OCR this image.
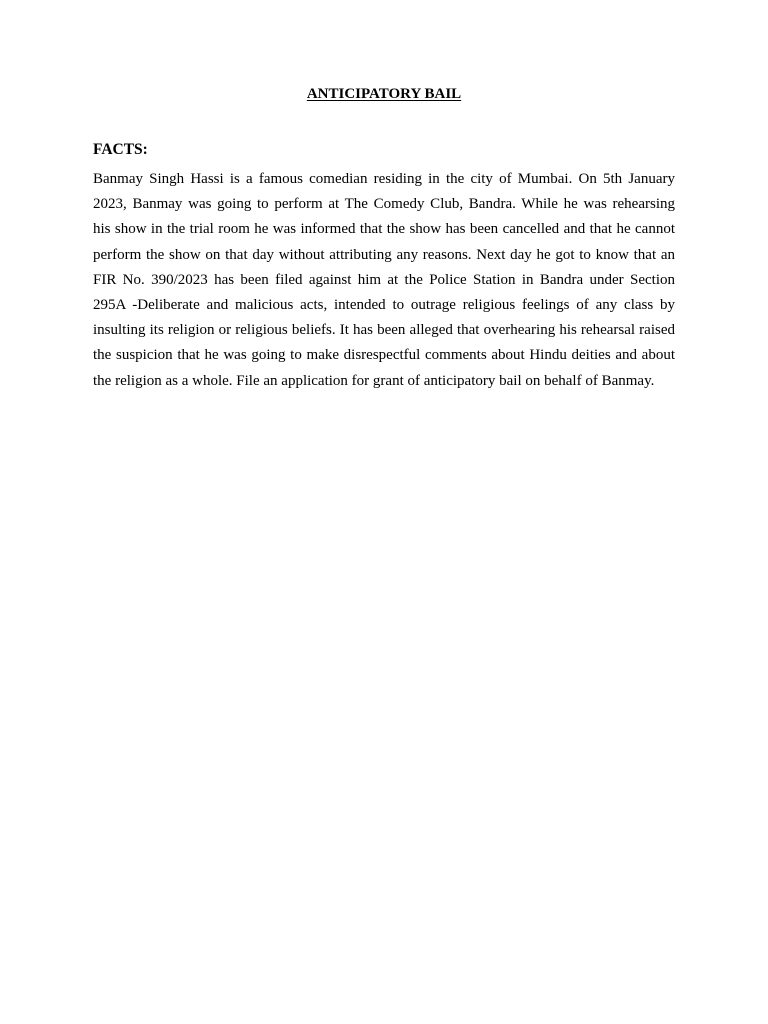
ANTICIPATORY BAIL
FACTS:
Banmay Singh Hassi is a famous comedian residing in the city of Mumbai. On 5th January
2023, Banmay was going to perform at The Comedy Club, Bandra. While he was rehearsing
his show in the trial room he was informed that the show has been cancelled and that he cannot
perform the show on that day without attributing any reasons. Next day he got to know that an
FIR No. 390/2023 has been filed against him at the Police Station in Bandra under Section
295A -Deliberate and malicious acts, intended to outrage religious feelings of any class by
insulting its religion or religious beliefs. It has been alleged that overhearing his rehearsal raised
the suspicion that he was going to make disrespectful comments about Hindu deities and about
the religion as a whole. File an application for grant of anticipatory bail on behalf of Banmay.
